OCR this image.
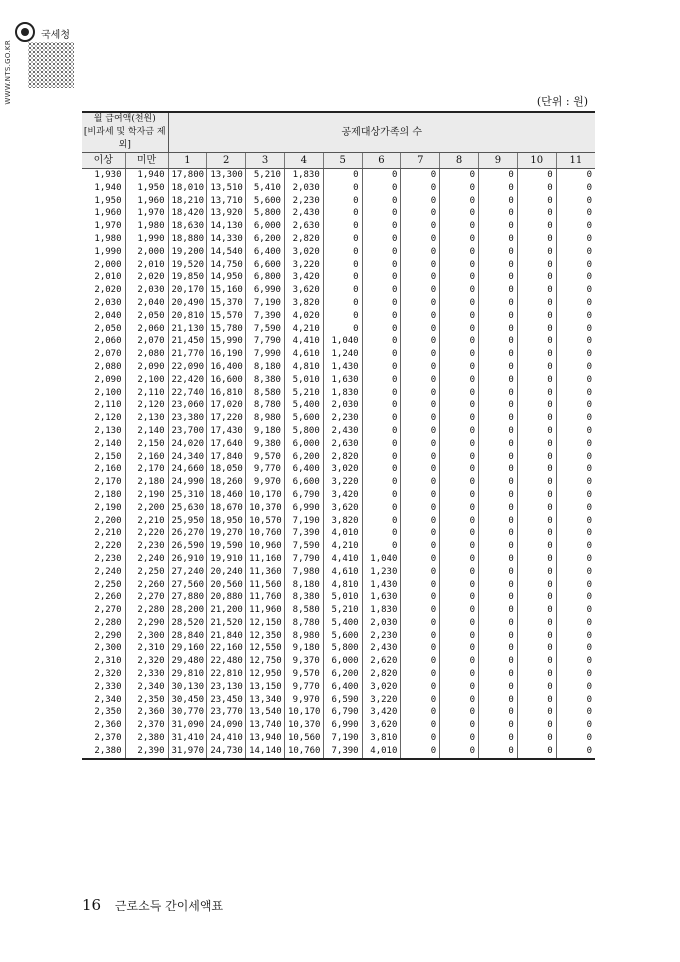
국세청
WWW.NTS.GO.KR	(단위 : 원)
월 급여액(천원)
[비과세 및 학자금 제외]		공제대상가족의 수										
이상	미만	1	2	3	4	5	6	7	8	9	10	11
1,930	1,940	17,800	13,300	5,210	1,830	0	0	0	0	0	0	0
1,940	1,950	18,010	13,510	5,410	2,030	0	0	0	0	0	0	0
1,950	1,960	18,210	13,710	5,600	2,230	0	0	0	0	0	0	0
1,960	1,970	18,420	13,920	5,800	2,430	0	0	0	0	0	0	0
1,970	1,980	18,630	14,130	6,000	2,630	0	0	0	0	0	0	0
1,980	1,990	18,880	14,330	6,200	2,820	0	0	0	0	0	0	0
1,990	2,000	19,200	14,540	6,400	3,020	0	0	0	0	0	0	0
2,000	2,010	19,520	14,750	6,600	3,220	0	0	0	0	0	0	0
2,010	2,020	19,850	14,950	6,800	3,420	0	0	0	0	0	0	0
2,020	2,030	20,170	15,160	6,990	3,620	0	0	0	0	0	0	0
2,030	2,040	20,490	15,370	7,190	3,820	0	0	0	0	0	0	0
2,040	2,050	20,810	15,570	7,390	4,020	0	0	0	0	0	0	0
2,050	2,060	21,130	15,780	7,590	4,210	0	0	0	0	0	0	0
2,060	2,070	21,450	15,990	7,790	4,410	1,040	0	0	0	0	0	0
2,070	2,080	21,770	16,190	7,990	4,610	1,240	0	0	0	0	0	0
2,080	2,090	22,090	16,400	8,180	4,810	1,430	0	0	0	0	0	0
2,090	2,100	22,420	16,600	8,380	5,010	1,630	0	0	0	0	0	0
2,100	2,110	22,740	16,810	8,580	5,210	1,830	0	0	0	0	0	0
2,110	2,120	23,060	17,020	8,780	5,400	2,030	0	0	0	0	0	0
2,120	2,130	23,380	17,220	8,980	5,600	2,230	0	0	0	0	0	0
2,130	2,140	23,700	17,430	9,180	5,800	2,430	0	0	0	0	0	0
2,140	2,150	24,020	17,640	9,380	6,000	2,630	0	0	0	0	0	0
2,150	2,160	24,340	17,840	9,570	6,200	2,820	0	0	0	0	0	0
2,160	2,170	24,660	18,050	9,770	6,400	3,020	0	0	0	0	0	0
2,170	2,180	24,990	18,260	9,970	6,600	3,220	0	0	0	0	0	0
2,180	2,190	25,310	18,460	10,170	6,790	3,420	0	0	0	0	0	0
2,190	2,200	25,630	18,670	10,370	6,990	3,620	0	0	0	0	0	0
2,200	2,210	25,950	18,950	10,570	7,190	3,820	0	0	0	0	0	0
2,210	2,220	26,270	19,270	10,760	7,390	4,010	0	0	0	0	0	0
2,220	2,230	26,590	19,590	10,960	7,590	4,210	0	0	0	0	0	0
2,230	2,240	26,910	19,910	11,160	7,790	4,410	1,040	0	0	0	0	0
2,240	2,250	27,240	20,240	11,360	7,980	4,610	1,230	0	0	0	0	0
2,250	2,260	27,560	20,560	11,560	8,180	4,810	1,430	0	0	0	0	0
2,260	2,270	27,880	20,880	11,760	8,380	5,010	1,630	0	0	0	0	0
2,270	2,280	28,200	21,200	11,960	8,580	5,210	1,830	0	0	0	0	0
2,280	2,290	28,520	21,520	12,150	8,780	5,400	2,030	0	0	0	0	0
2,290	2,300	28,840	21,840	12,350	8,980	5,600	2,230	0	0	0	0	0
2,300	2,310	29,160	22,160	12,550	9,180	5,800	2,430	0	0	0	0	0
2,310	2,320	29,480	22,480	12,750	9,370	6,000	2,620	0	0	0	0	0
2,320	2,330	29,810	22,810	12,950	9,570	6,200	2,820	0	0	0	0	0
2,330	2,340	30,130	23,130	13,150	9,770	6,400	3,020	0	0	0	0	0
2,340	2,350	30,450	23,450	13,340	9,970	6,590	3,220	0	0	0	0	0
2,350	2,360	30,770	23,770	13,540	10,170	6,790	3,420	0	0	0	0	0
2,360	2,370	31,090	24,090	13,740	10,370	6,990	3,620	0	0	0	0	0
2,370	2,380	31,410	24,410	13,940	10,560	7,190	3,810	0	0	0	0	0
2,380	2,390	31,970	24,730	14,140	10,760	7,390	4,010	0	0	0	0	0
16 근로소득 간이세액표
